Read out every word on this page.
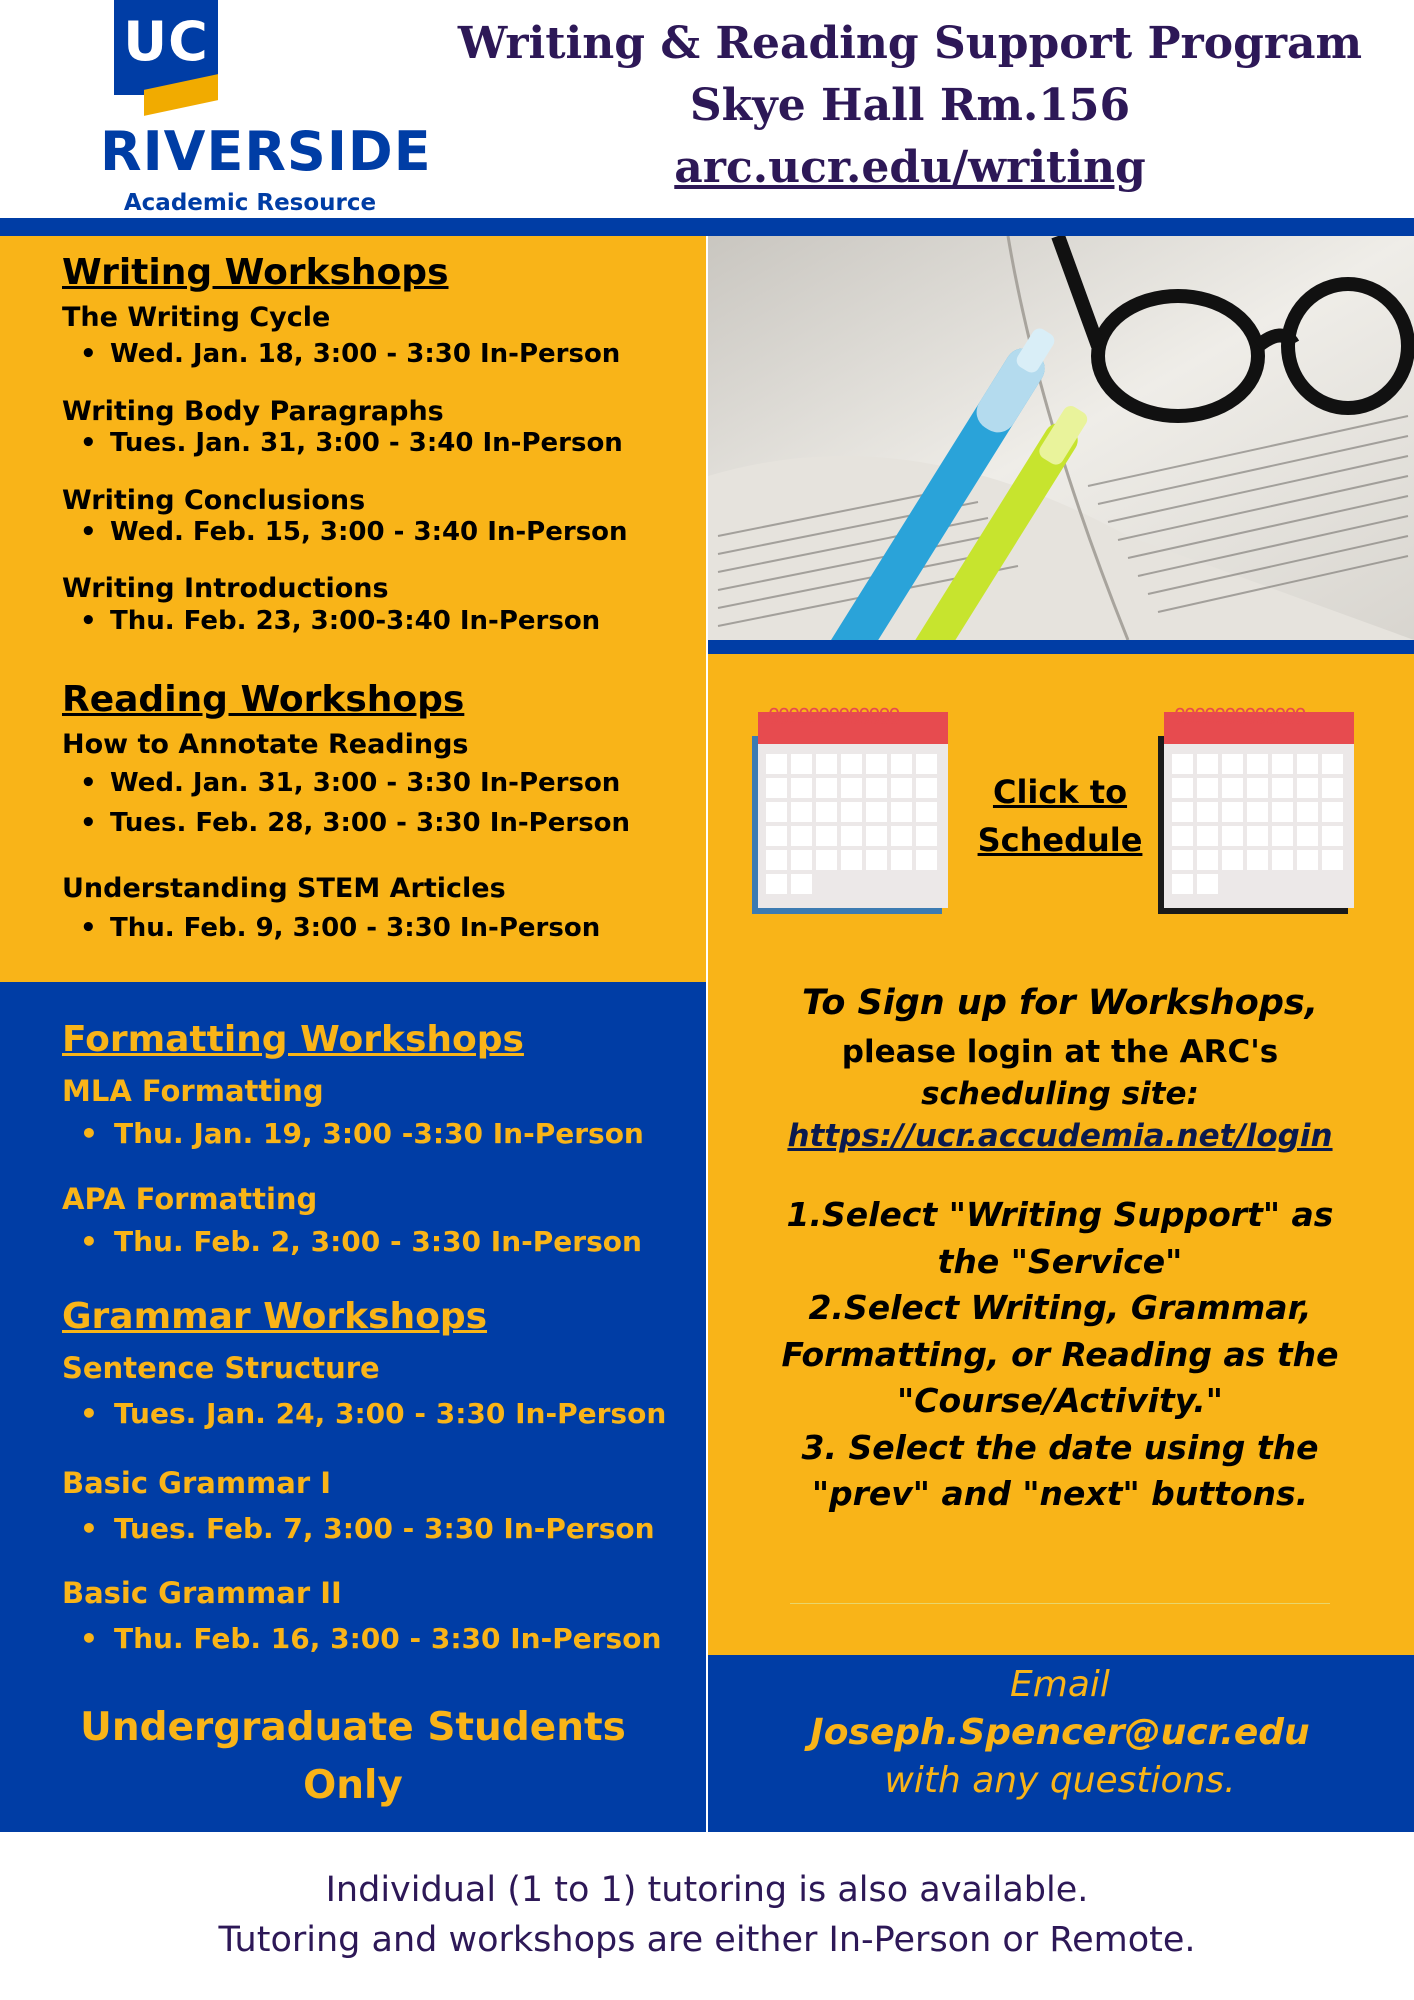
UC
RIVERSIDE
Academic Resource
Writing & Reading Support Program
Skye Hall Rm.156
arc.ucr.edu/writing
Writing Workshops
The Writing Cycle
• Wed. Jan. 18, 3:00 - 3:30 In-Person
Writing Body Paragraphs
• Tues. Jan. 31, 3:00 - 3:40 In-Person
Writing Conclusions
• Wed. Feb. 15, 3:00 - 3:40 In-Person
Writing Introductions
• Thu. Feb. 23, 3:00-3:40 In-Person
Reading Workshops
How to Annotate Readings
• Wed. Jan. 31, 3:00 - 3:30 In-Person
• Tues. Feb. 28, 3:00 - 3:30 In-Person
Understanding STEM Articles
• Thu. Feb. 9, 3:00 - 3:30 In-Person
Formatting Workshops
MLA Formatting
• Thu. Jan. 19, 3:00 -3:30 In-Person
APA Formatting
• Thu. Feb. 2, 3:00 - 3:30 In-Person
Grammar Workshops
Sentence Structure
• Tues. Jan. 24, 3:00 - 3:30 In-Person
Basic Grammar I
• Tues. Feb. 7, 3:00 - 3:30 In-Person
Basic Grammar II
• Thu. Feb. 16, 3:00 - 3:30 In-Person
Undergraduate Students
Only
ƍƍƍƍƍƍƍƍƍƍƍƍƍ
Click to
Schedule
ƍƍƍƍƍƍƍƍƍƍƍƍƍ
To Sign up for Workshops,
please login at the ARC's
scheduling site:
https://ucr.accudemia.net/login
1.Select "Writing Support" as
the "Service"
2.Select Writing, Grammar,
Formatting, or Reading as the
"Course/Activity."
3. Select the date using the
"prev" and "next" buttons.
Email
Joseph.Spencer@ucr.edu
with any questions.
Individual (1 to 1) tutoring is also available.
Tutoring and workshops are either In-Person or Remote.
